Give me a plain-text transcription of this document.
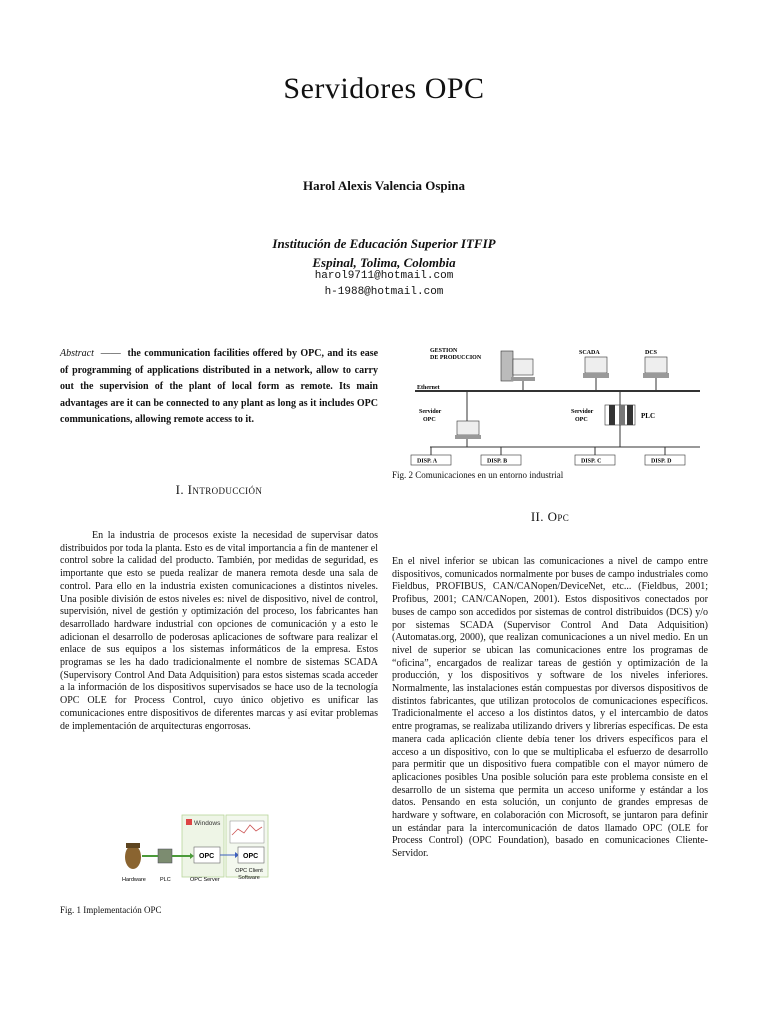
Servidores OPC
Harol Alexis Valencia Ospina
Institución de Educación Superior ITFIP
Espinal, Tolima, Colombia
harol9711@hotmail.com
h-1988@hotmail.com
Abstract —— the communication facilities offered by OPC, and its ease of programming of applications distributed in a network, allow to carry out the supervision of the plant of local form as remote. Its main advantages are it can be connected to any plant as long as it includes OPC communications, allowing remote access to it.
I. Introducción
En la industria de procesos existe la necesidad de supervisar datos distribuidos por toda la planta. Esto es de vital importancia a fin de mantener el control sobre la calidad del producto. También, por medidas de seguridad, es importante que esto se pueda realizar de manera remota desde una sala de control. Para ello en la industria existen comunicaciones a distintos niveles. Una posible división de estos niveles es: nivel de dispositivo, nivel de control, supervisión, nivel de gestión y optimización del proceso, los fabricantes han desarrollado hardware industrial con opciones de comunicación y a esto le adicionan el desarrollo de poderosas aplicaciones de software para realizar el enlace de sus equipos a los sistemas informáticos de la empresa. Estos programas se les ha dado tradicionalmente el nombre de sistemas SCADA (Supervisory Control And Data Adquisition) para estos sistemas scada acceder a la información de los dispositivos supervisados se hace uso de la tecnología OPC OLE for Process Control, cuyo único objetivo es unificar las comunicaciones entre dispositivos de diferentes marcas y así evitar problemas de implementación de arquitecturas engorrosas.
Windows
OPC	OPC
Hardware	PLC	OPC Server
OPC Client Software
Fig. 1 Implementación OPC
GESTION
DE PRODUCCION
SCADA	DCS
Ethernet
Servidor
OPC
Servidor
OPC	PLC
DISP. A	DISP. B	DISP. C	DISP. D
Fig. 2 Comunicaciones en un entorno industrial
II. Opc
En el nivel inferior se ubican las comunicaciones a nivel de campo entre dispositivos, comunicados normalmente por buses de campo industriales como Fieldbus, PROFIBUS, CAN/CANopen/DeviceNet, etc... (Fieldbus, 2001; Profibus, 2001; CAN/CANopen, 2001). Estos dispositivos conectados por buses de campo son accedidos por sistemas de control distribuidos (DCS) y/o por sistemas SCADA (Supervisor Control And Data Adquisition) (Automatas.org, 2000), que realizan comunicaciones a un nivel medio. En un nivel de superior se ubican las comunicaciones entre los programas de “oficina”, encargados de realizar tareas de gestión y optimización de la producción, y los dispositivos y software de los niveles inferiores. Normalmente, las instalaciones están compuestas por diversos dispositivos de distintos fabricantes, que utilizan protocolos de comunicaciones específicos. Tradicionalmente el acceso a los distintos datos, y el intercambio de datos entre programas, se realizaba utilizando drivers y librerías específicas. De esta manera cada aplicación cliente debía tener los drivers específicos para el acceso a un dispositivo, con lo que se multiplicaba el esfuerzo de desarrollo para permitir que un dispositivo fuera compatible con el mayor número de aplicaciones posibles Una posible solución para este problema consiste en el desarrollo de un sistema que permita un acceso uniforme y estándar a los datos. Pensando en esta solución, un conjunto de grandes empresas de hardware y software, en colaboración con Microsoft, se juntaron para definir un estándar para la intercomunicación de datos llamado OPC (OLE for Process Control) (OPC Foundation), basado en comunicaciones Cliente-Servidor.
